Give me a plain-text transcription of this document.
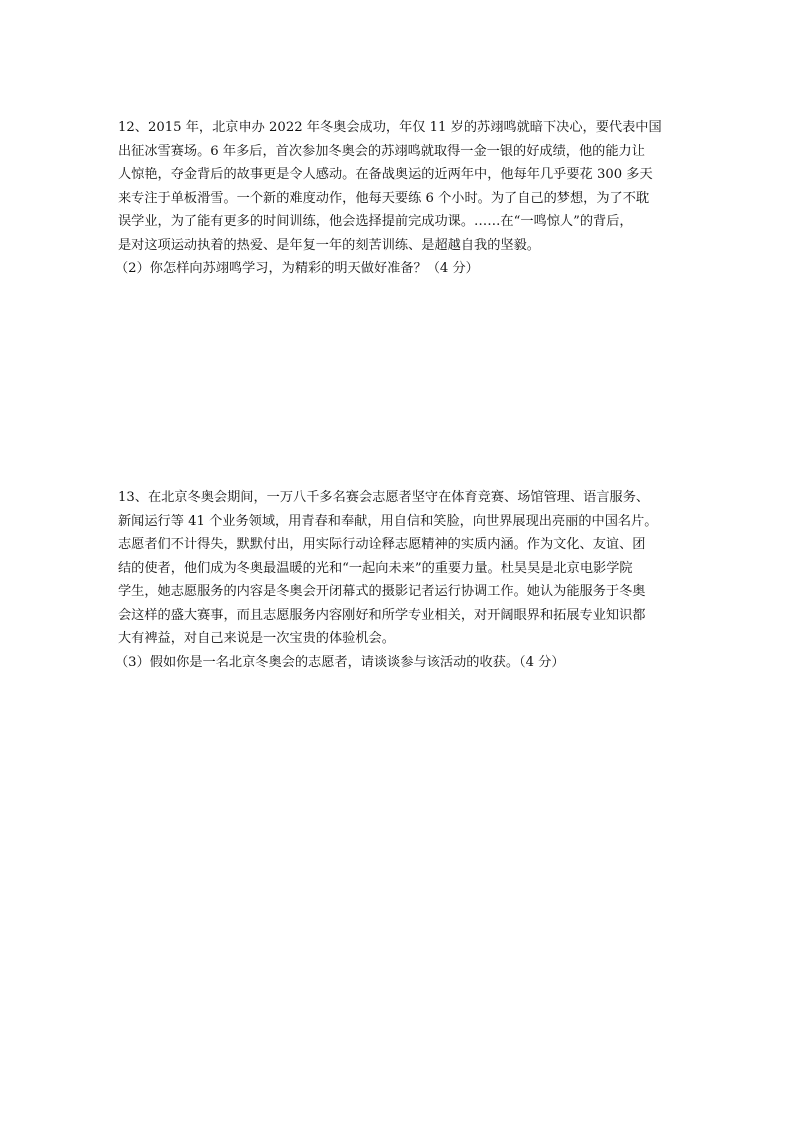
12、2015 年，北京申办 2022 年冬奥会成功，年仅 11 岁的苏翊鸣就暗下决心，要代表中国
出征冰雪赛场。6 年多后，首次参加冬奥会的苏翊鸣就取得一金一银的好成绩，他的能力让
人惊艳，夺金背后的故事更是令人感动。在备战奥运的近两年中，他每年几乎要花 300 多天
来专注于单板滑雪。一个新的难度动作，他每天要练 6 个小时。为了自己的梦想，为了不耽
误学业，为了能有更多的时间训练，他会选择提前完成功课。……在“一鸣惊人”的背后，
是对这项运动执着的热爱、是年复一年的刻苦训练、是超越自我的坚毅。
（2）你怎样向苏翊鸣学习，为精彩的明天做好准备？（4 分）
13、在北京冬奥会期间，一万八千多名赛会志愿者坚守在体育竞赛、场馆管理、语言服务、
新闻运行等 41 个业务领域，用青春和奉献，用自信和笑脸，向世界展现出亮丽的中国名片。
志愿者们不计得失，默默付出，用实际行动诠释志愿精神的实质内涵。作为文化、友谊、团
结的使者，他们成为冬奥最温暖的光和“一起向未来”的重要力量。杜昊昊是北京电影学院
学生，她志愿服务的内容是冬奥会开闭幕式的摄影记者运行协调工作。她认为能服务于冬奥
会这样的盛大赛事，而且志愿服务内容刚好和所学专业相关，对开阔眼界和拓展专业知识都
大有裨益，对自己来说是一次宝贵的体验机会。
（3）假如你是一名北京冬奥会的志愿者，请谈谈参与该活动的收获。（4 分）
